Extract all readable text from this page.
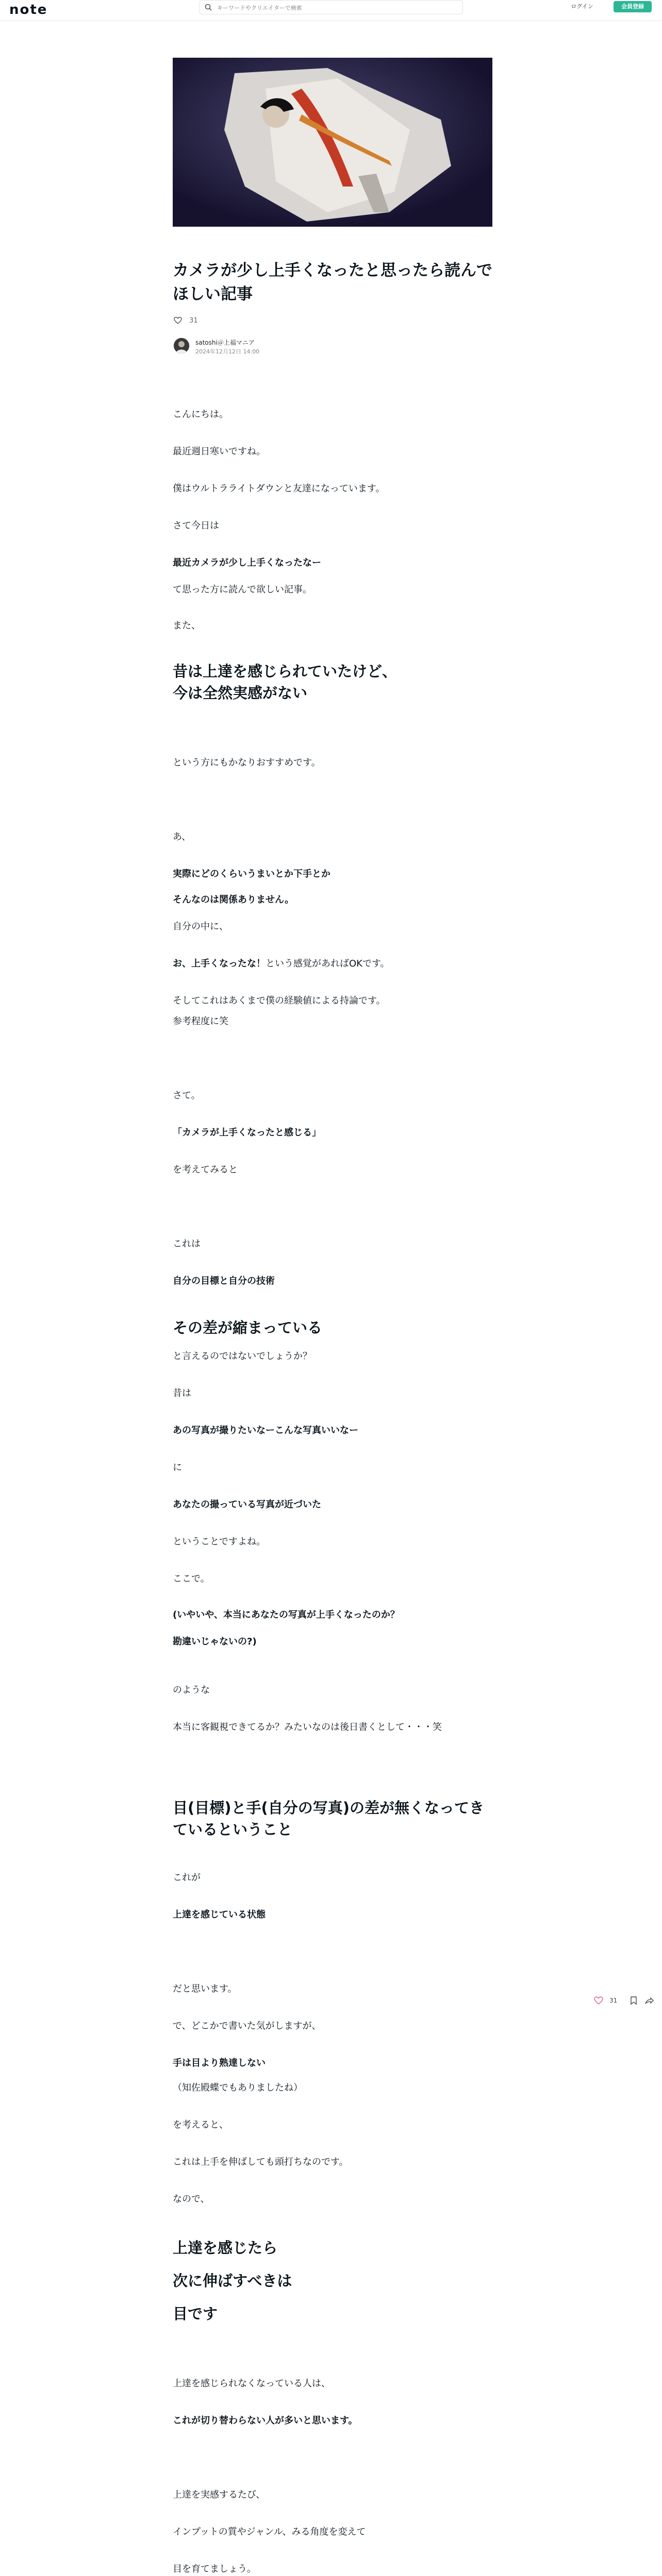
note
キーワードやクリエイターで検索	ログイン	会員登録
カメラが少し上手くなったと思ったら読んでほしい記事
31
satoshi＠上福マニア
2024年12月12日 14:00

こんにちは。

最近週日寒いですね。

僕はウルトラライトダウンと友達になっています。

さて今日は

最近カメラが少し上手くなったなー

て思った方に読んで欲しい記事。

また、

昔は上達を感じられていたけど、
今は全然実感がない

という方にもかなりおすすめです。

あ、

実際にどのくらいうまいとか下手とか

そんなのは関係ありません。

自分の中に、

お、上手くなったな！という感覚があればOKです。

そしてこれはあくまで僕の経験値による持論です。

参考程度に笑

さて。

「カメラが上手くなったと感じる」

を考えてみると

これは

自分の目標と自分の技術

その差が縮まっている

と言えるのではないでしょうか？

昔は

あの写真が撮りたいなーこんな写真いいなー

に

あなたの撮っている写真が近づいた

ということですよね。

ここで。

(いやいや、本当にあなたの写真が上手くなったのか？

勘違いじゃないの?)

のような

本当に客観視できてるか？みたいなのは後日書くとして・・・笑

目(目標)と手(自分の写真)の差が無くなってきているということ

これが

上達を感じている状態

だと思います。

で、どこかで書いた気がしますが、

手は目より熟達しない

（知佐殿蝶でもありましたね）

を考えると、

これは上手を伸ばしても頭打ちなのです。

なので、

上達を感じたら
次に伸ばすべきは
目です

上達を感じられなくなっている人は、

これが切り替わらない人が多いと思います。

上達を実感するたび、

インプットの質やジャンル、みる角度を変えて

目を育てましょう。

31
